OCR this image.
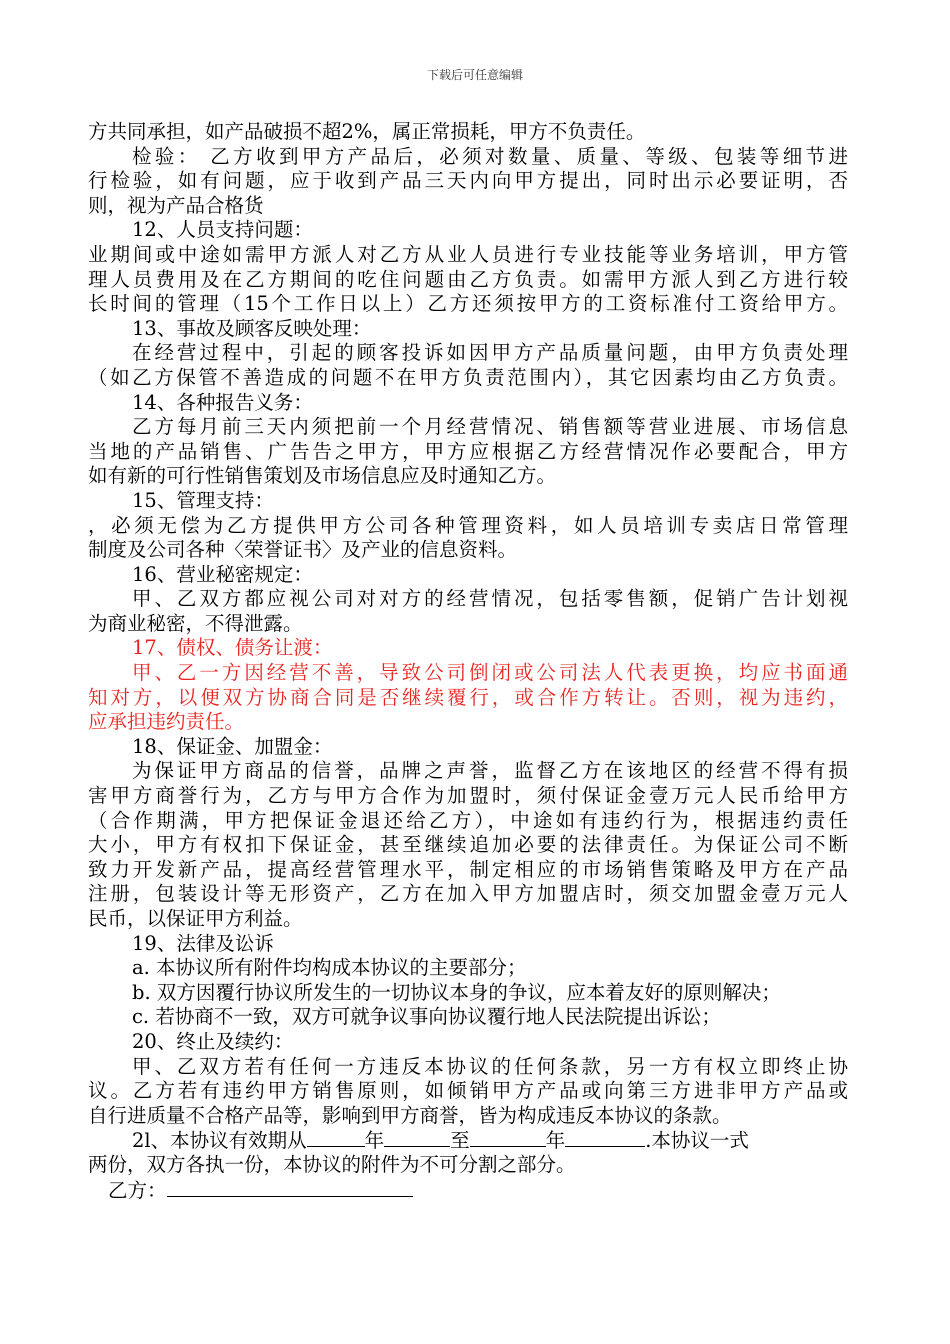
下载后可任意编辑
方共同承担，如产品破损不超2%，属正常损耗，甲方不负责任。
检验： 乙方收到甲方产品后，必须对数量、质量、等级、包装等细节进
行检验，如有问题，应于收到产品三天内向甲方提出，同时出示必要证明，否
则，视为产品合格货
12、人员支持问题：
业期间或中途如需甲方派人对乙方从业人员进行专业技能等业务培训，甲方管
理人员费用及在乙方期间的吃住问题由乙方负责。如需甲方派人到乙方进行较
长时间的管理（15个工作日以上）乙方还须按甲方的工资标准付工资给甲方。
13、事故及顾客反映处理：
在经营过程中，引起的顾客投诉如因甲方产品质量问题，由甲方负责处理
（如乙方保管不善造成的问题不在甲方负责范围内），其它因素均由乙方负责。
14、各种报告义务：
乙方每月前三天内须把前一个月经营情况、销售额等营业进展、市场信息
当地的产品销售、广告告之甲方，甲方应根据乙方经营情况作必要配合，甲方
如有新的可行性销售策划及市场信息应及时通知乙方。
15、管理支持：
，必须无偿为乙方提供甲方公司各种管理资料，如人员培训专卖店日常管理
制度及公司各种〈荣誉证书〉及产业的信息资料。
16、营业秘密规定：
甲、乙双方都应视公司对对方的经营情况，包括零售额，促销广告计划视
为商业秘密，不得泄露。
17、债权、债务让渡：
甲、乙一方因经营不善，导致公司倒闭或公司法人代表更换，均应书面通
知对方，以便双方协商合同是否继续覆行，或合作方转让。否则，视为违约，
应承担违约责任。
18、保证金、加盟金：
为保证甲方商品的信誉，品牌之声誉，监督乙方在该地区的经营不得有损
害甲方商誉行为，乙方与甲方合作为加盟时，须付保证金壹万元人民币给甲方
（合作期满，甲方把保证金退还给乙方），中途如有违约行为，根据违约责任
大小，甲方有权扣下保证金，甚至继续追加必要的法律责任。为保证公司不断
致力开发新产品，提高经营管理水平，制定相应的市场销售策略及甲方在产品
注册，包装设计等无形资产，乙方在加入甲方加盟店时，须交加盟金壹万元人
民币，以保证甲方利益。
19、法律及讼诉
a. 本协议所有附件均构成本协议的主要部分；
b. 双方因覆行协议所发生的一切协议本身的争议，应本着友好的原则解决；
c. 若协商不一致，双方可就争议事向协议覆行地人民法院提出诉讼；
20、终止及续约：
甲、乙双方若有任何一方违反本协议的任何条款，另一方有权立即终止协
议。乙方若有违约甲方销售原则，如倾销甲方产品或向第三方进非甲方产品或
自行进质量不合格产品等，影响到甲方商誉，皆为构成违反本协议的条款。
2l、本协议有效期从	年	至	年	.本协议一式
两份，双方各执一份，本协议的附件为不可分割之部分。
乙方：
